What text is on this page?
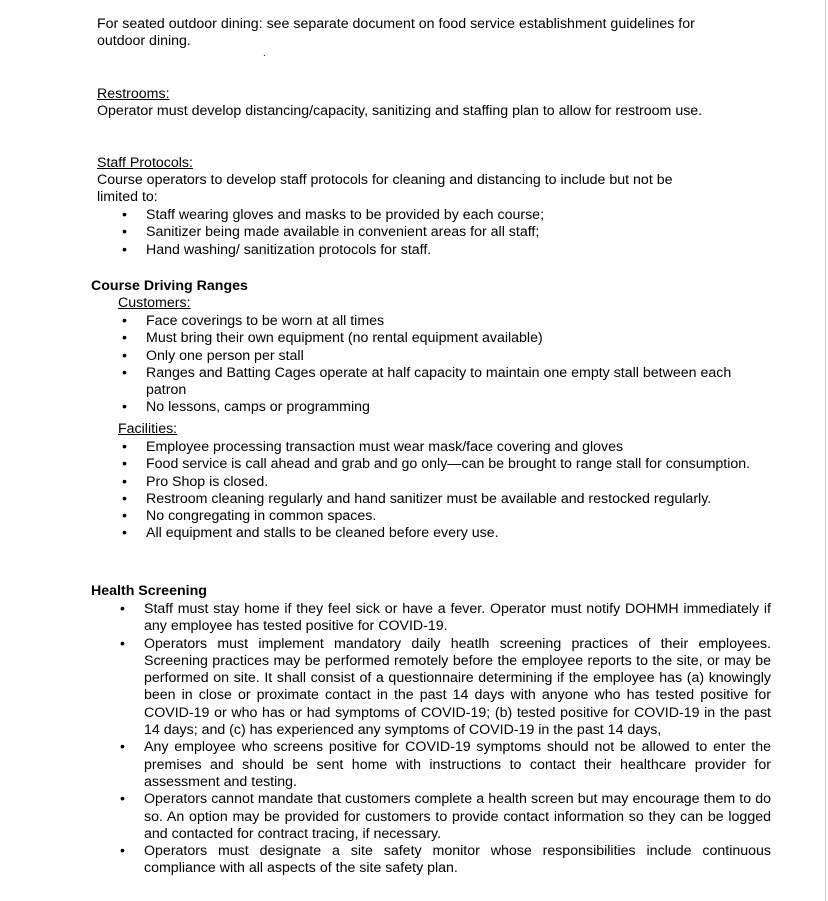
For seated outdoor dining: see separate document on food service establishment guidelines for outdoor dining.

.

Restrooms:

Operator must develop distancing/capacity, sanitizing and staffing plan to allow for restroom use.

Staff Protocols:

Course operators to develop staff protocols for cleaning and distancing to include but not be limited to:

• Staff wearing gloves and masks to be provided by each course;
• Sanitizer being made available in convenient areas for all staff;
• Hand washing/ sanitization protocols for staff.

Course Driving Ranges

Customers:

• Face coverings to be worn at all times
• Must bring their own equipment (no rental equipment available)
• Only one person per stall
• Ranges and Batting Cages operate at half capacity to maintain one empty stall between each patron
• No lessons, camps or programming

Facilities:

• Employee processing transaction must wear mask/face covering and gloves
• Food service is call ahead and grab and go only—can be brought to range stall for consumption.
• Pro Shop is closed.
• Restroom cleaning regularly and hand sanitizer must be available and restocked regularly.
• No congregating in common spaces.
• All equipment and stalls to be cleaned before every use.

Health Screening

• Staff must stay home if they feel sick or have a fever. Operator must notify DOHMH immediately if any employee has tested positive for COVID-19.
• Operators must implement mandatory daily heatlh screening practices of their employees. Screening practices may be performed remotely before the employee reports to the site, or may be performed on site. It shall consist of a questionnaire determining if the employee has (a) knowingly been in close or proximate contact in the past 14 days with anyone who has tested positive for COVID-19 or who has or had symptoms of COVID-19; (b) tested positive for COVID-19 in the past 14 days; and (c) has experienced any symptoms of COVID-19 in the past 14 days,
• Any employee who screens positive for COVID-19 symptoms should not be allowed to enter the premises and should be sent home with instructions to contact their healthcare provider for assessment and testing.
• Operators cannot mandate that customers complete a health screen but may encourage them to do so. An option may be provided for customers to provide contact information so they can be logged and contacted for contract tracing, if necessary.
• Operators must designate a site safety monitor whose responsibilities include continuous compliance with all aspects of the site safety plan.
